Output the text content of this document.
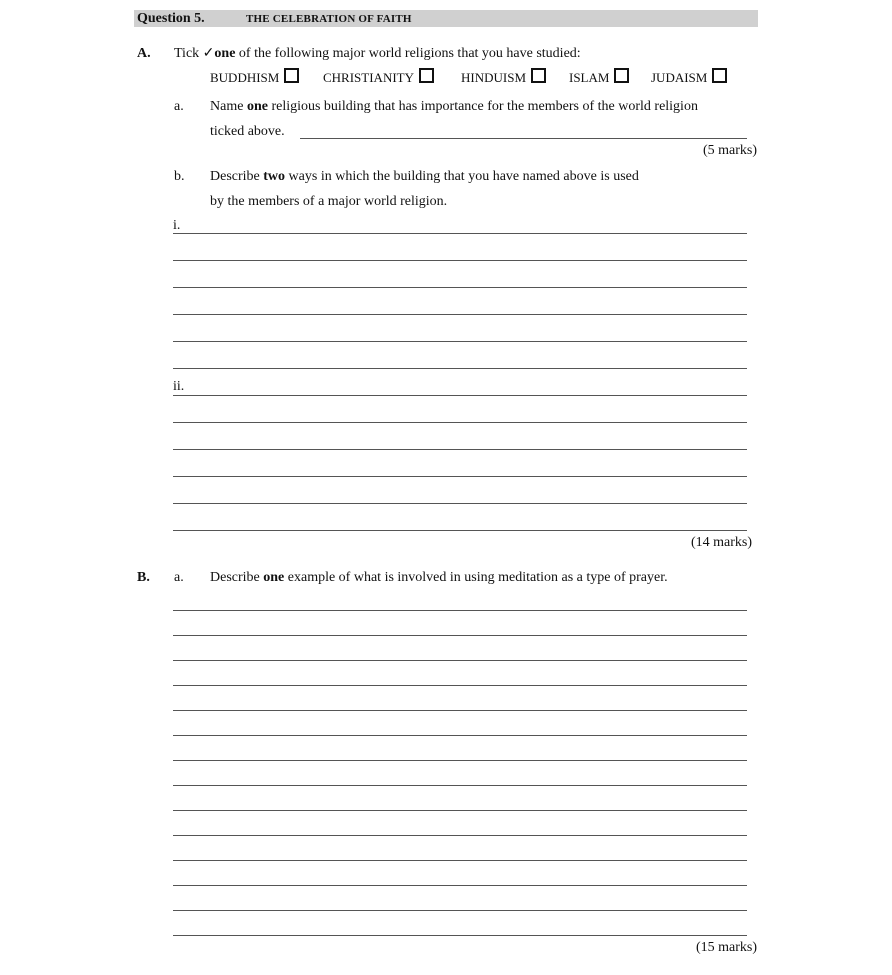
Question 5.	THE CELEBRATION OF FAITH
A. Tick ✓one of the following major world religions that you have studied:
BUDDHISM	CHRISTIANITY	HINDUISM	ISLAM	JUDAISM
a. Name one religious building that has importance for the members of the world religion
ticked above.
(5 marks)
b. Describe two ways in which the building that you have named above is used
by the members of a major world religion.
i.
ii.
(14 marks)
B. a. Describe one example of what is involved in using meditation as a type of prayer.
(15 marks)
